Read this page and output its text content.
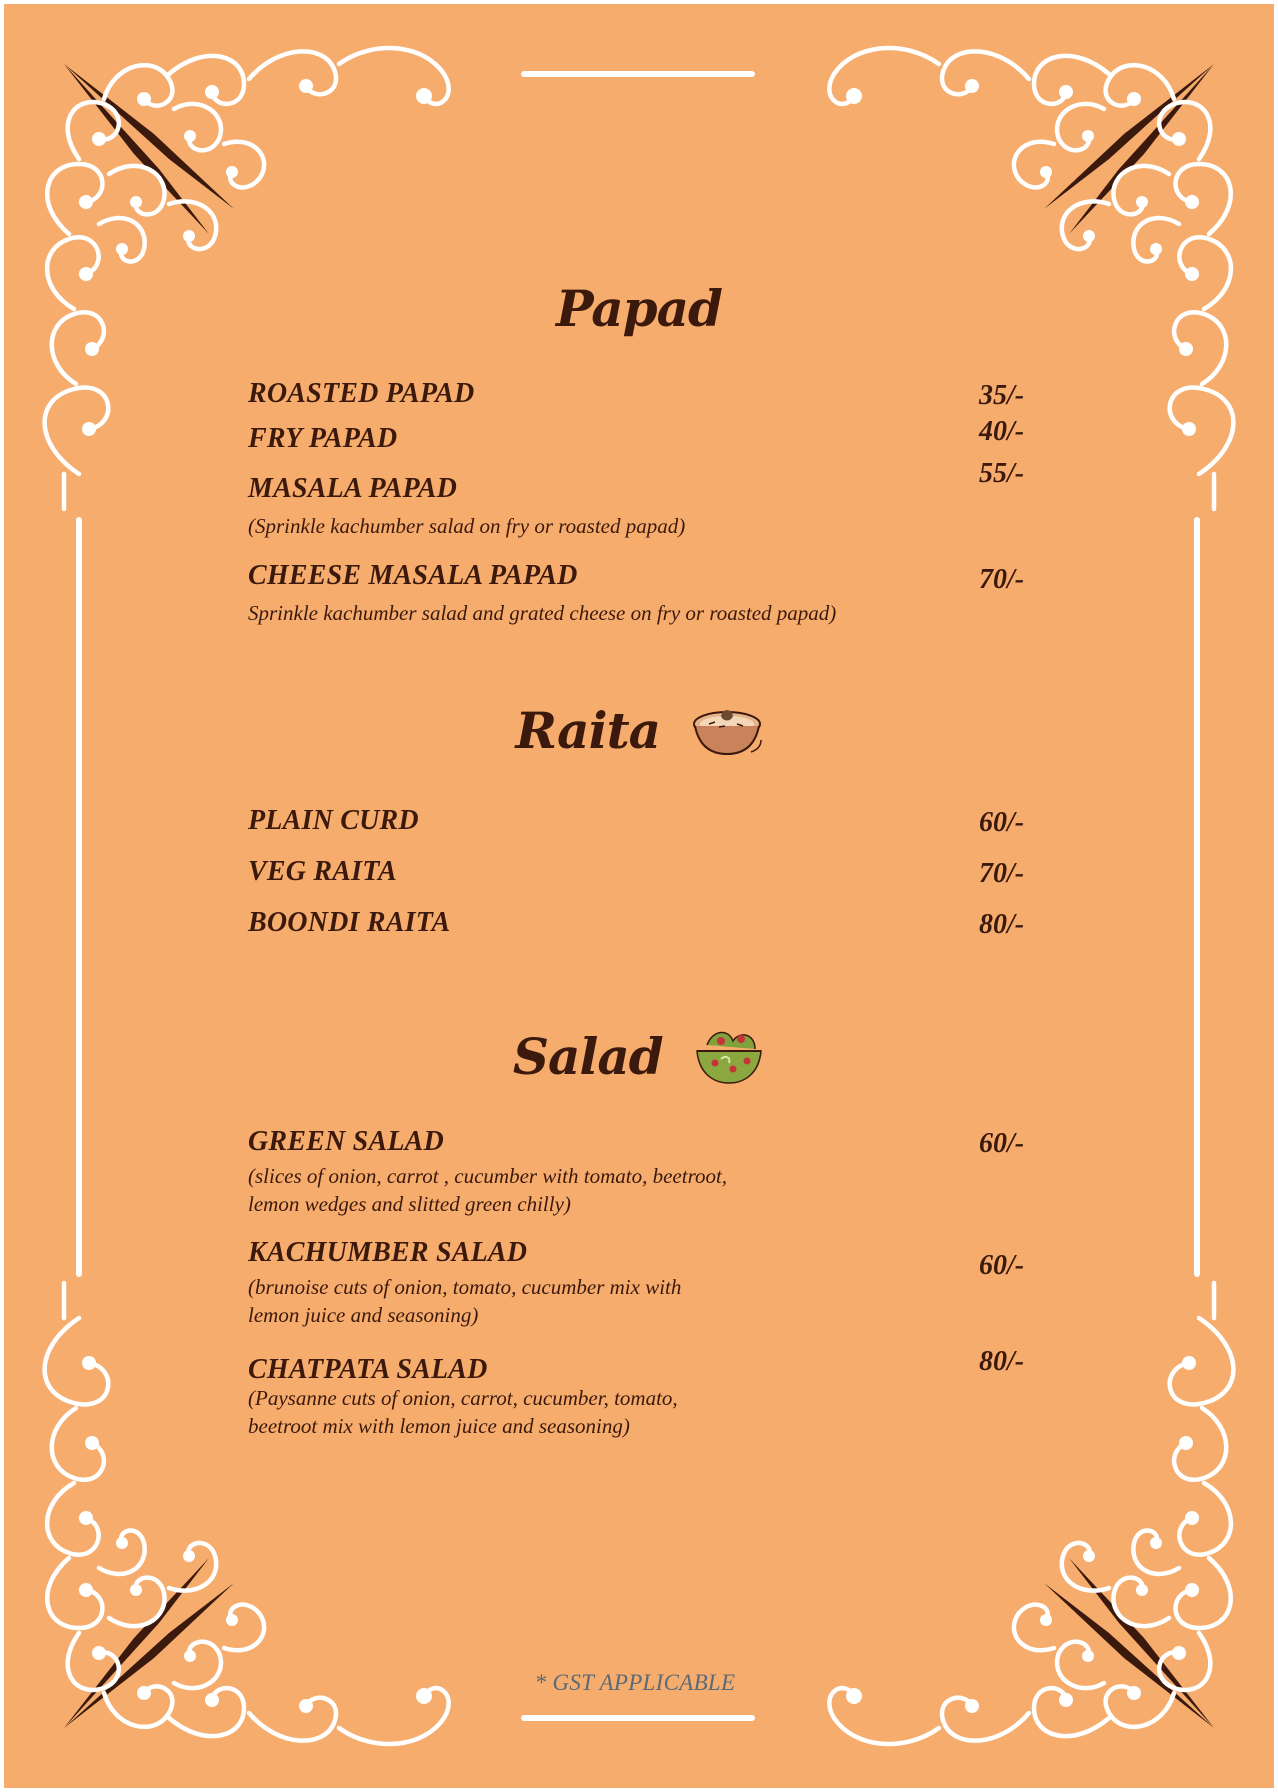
Papad
ROASTED PAPAD	35/-
FRY PAPAD	40/-
MASALA PAPAD	55/-
(Sprinkle kachumber salad on fry or roasted papad)
CHEESE MASALA PAPAD	70/-
Sprinkle kachumber salad and grated cheese on fry or roasted papad)
Raita
PLAIN CURD	60/-
VEG RAITA	70/-
BOONDI RAITA	80/-
Salad
GREEN SALAD	60/-
(slices of onion, carrot , cucumber with tomato, beetroot,
lemon wedges and slitted green chilly)
KACHUMBER SALAD	60/-
(brunoise cuts of onion, tomato, cucumber mix with
lemon juice and seasoning)
CHATPATA SALAD	80/-
(Paysanne cuts of onion, carrot, cucumber, tomato,
beetroot mix with lemon juice and seasoning)
* GST APPLICABLE
